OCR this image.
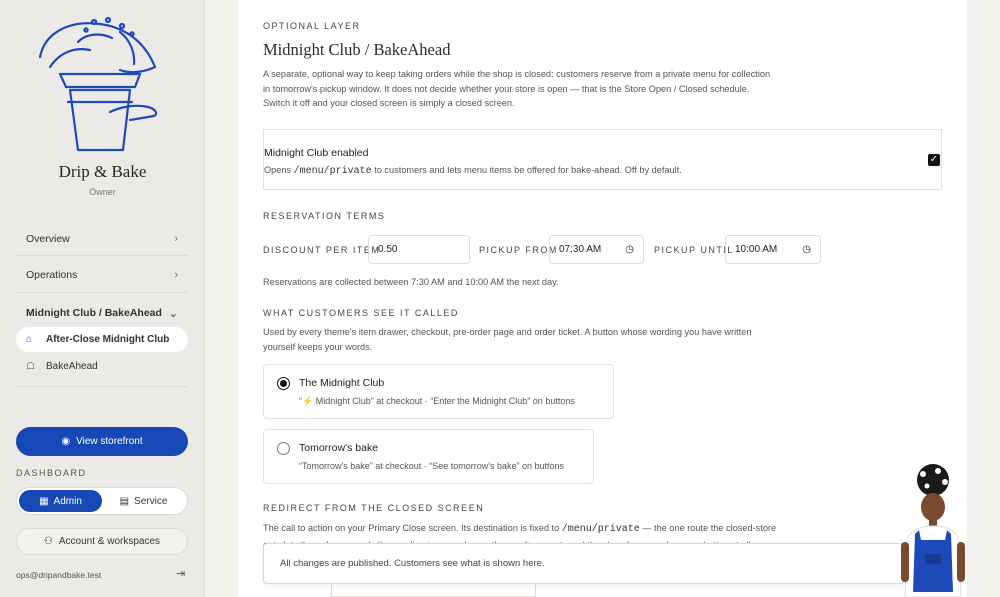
Drip & Bake
Owner
Overview	›
Operations	›
Midnight Club / BakeAhead ⌄
⌂	After-Close Midnight Club
☖	BakeAhead
◉ View storefront
DASHBOARD
▦ Admin	▤ Service
⚇ Account & workspaces
ops@dripandbake.test	⇥
OPTIONAL LAYER
Midnight Club / BakeAhead
A separate, optional way to keep taking orders while the shop is closed: customers reserve from a private menu for collection
in tomorrow's pickup window. It does not decide whether your store is open — that is the Store Open / Closed schedule.
Switch it off and your closed screen is simply a closed screen.
Midnight Club enabled
Opens /menu/private to customers and lets menu items be offered for bake-ahead. Off by default.
✓
RESERVATION TERMS
DISCOUNT PER ITEM
0.50	PICKUP FROM 07:30 AM ◷ PICKUP UNTIL 10:00 AM	◷
Reservations are collected between 7:30 AM and 10:00 AM the next day.
WHAT CUSTOMERS SEE IT CALLED
Used by every theme's item drawer, checkout, pre-order page and order ticket. A button whose wording you have written
yourself keeps your words.
The Midnight Club
“⚡ Midnight Club” at checkout · “Enter the Midnight Club” on buttons
Tomorrow's bake
“Tomorrow's bake” at checkout · “See tomorrow's bake” on buttons
REDIRECT FROM THE CLOSED SCREEN
The call to action on your Primary Close screen. Its destination is fixed to /menu/private — the one route the closed-store
All changes are published. Customers see what is shown here.
